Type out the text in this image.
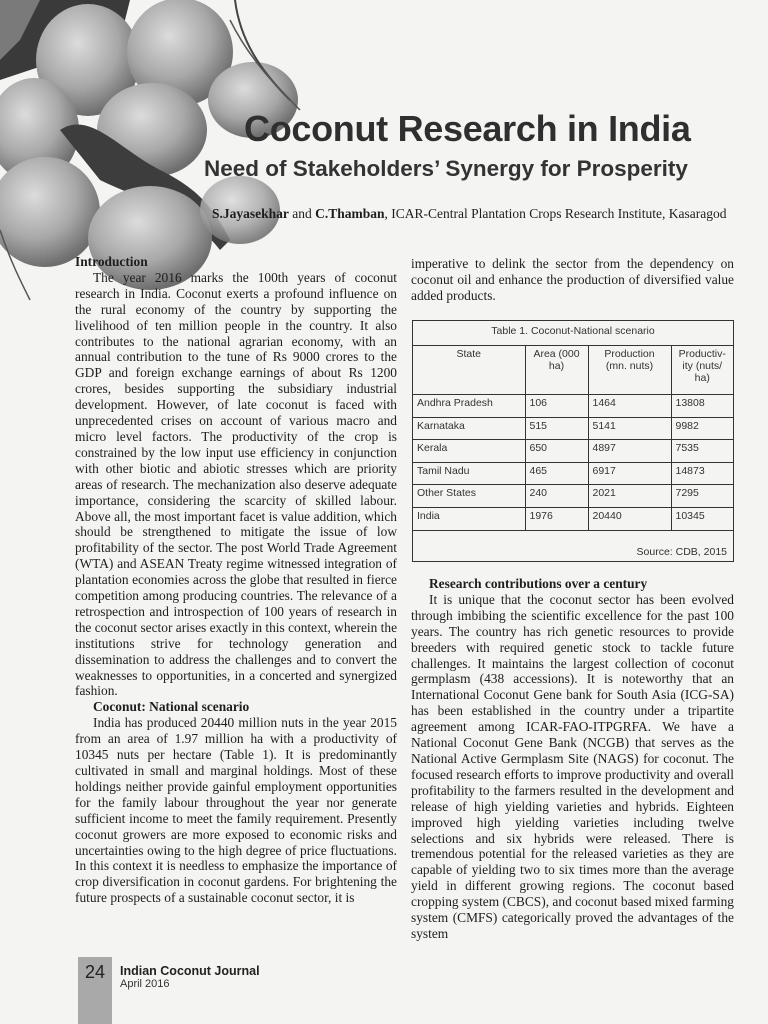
Coconut Research in India
Need of Stakeholders’ Synergy for Prosperity
S.Jayasekhar and C.Thamban, ICAR-Central Plantation Crops Research Institute, Kasaragod
Introduction

The year 2016 marks the 100th years of coconut research in India. Coconut exerts a profound influence on the rural economy of the country by supporting the livelihood of ten million people in the country. It also contributes to the national agrarian economy, with an annual contribution to the tune of Rs 9000 crores to the GDP and foreign exchange earnings of about Rs 1200 crores, besides supporting the subsidiary industrial development. However, of late coconut is faced with unprecedented crises on account of various macro and micro level factors. The productivity of the crop is constrained by the low input use efficiency in conjunction with other biotic and abiotic stresses which are priority areas of research. The mechanization also deserve adequate importance, considering the scarcity of skilled labour. Above all, the most important facet is value addition, which should be strengthened to mitigate the issue of low profitability of the sector. The post World Trade Agreement (WTA) and ASEAN Treaty regime witnessed integration of plantation economies across the globe that resulted in fierce competition among producing countries. The relevance of a retrospection and introspection of 100 years of research in the coconut sector arises exactly in this context, wherein the institutions strive for technology generation and dissemination to address the challenges and to convert the weaknesses to opportunities, in a concerted and synergized fashion.

Coconut: National scenario

India has produced 20440 million nuts in the year 2015 from an area of 1.97 million ha with a productivity of 10345 nuts per hectare (Table 1). It is predominantly cultivated in small and marginal holdings. Most of these holdings neither provide gainful employment opportunities for the family labour throughout the year nor generate sufficient income to meet the family requirement. Presently coconut growers are more exposed to economic risks and uncertainties owing to the high degree of price fluctuations. In this context it is needless to emphasize the importance of crop diversification in coconut gardens. For brightening the future prospects of a sustainable coconut sector, it is

imperative to delink the sector from the dependency on coconut oil and enhance the production of diversified value added products.

Table 1. Coconut-National scenario
State	Area (000 ha)	Production (mn. nuts)	Productiv-ity (nuts/ ha)
Andhra Pradesh	106	1464	13808
Karnataka	515	5141	9982
Kerala	650	4897	7535
Tamil Nadu	465	6917	14873
Other States	240	2021	7295
India	1976	20440	10345
Source: CDB, 2015
Research contributions over a century

It is unique that the coconut sector has been evolved through imbibing the scientific excellence for the past 100 years. The country has rich genetic resources to provide breeders with required genetic stock to tackle future challenges. It maintains the largest collection of coconut germplasm (438 accessions). It is noteworthy that an International Coconut Gene bank for South Asia (ICG-SA) has been established in the country under a tripartite agreement among ICAR-FAO-ITPGRFA. We have a National Coconut Gene Bank (NCGB) that serves as the National Active Germplasm Site (NAGS) for coconut. The focused research efforts to improve productivity and overall profitability to the farmers resulted in the development and release of high yielding varieties and hybrids. Eighteen improved high yielding varieties including twelve selections and six hybrids were released. There is tremendous potential for the released varieties as they are capable of yielding two to six times more than the average yield in different growing regions. The coconut based cropping system (CBCS), and coconut based mixed farming system (CMFS) categorically proved the advantages of the system

24	Indian Coconut Journal
April 2016
